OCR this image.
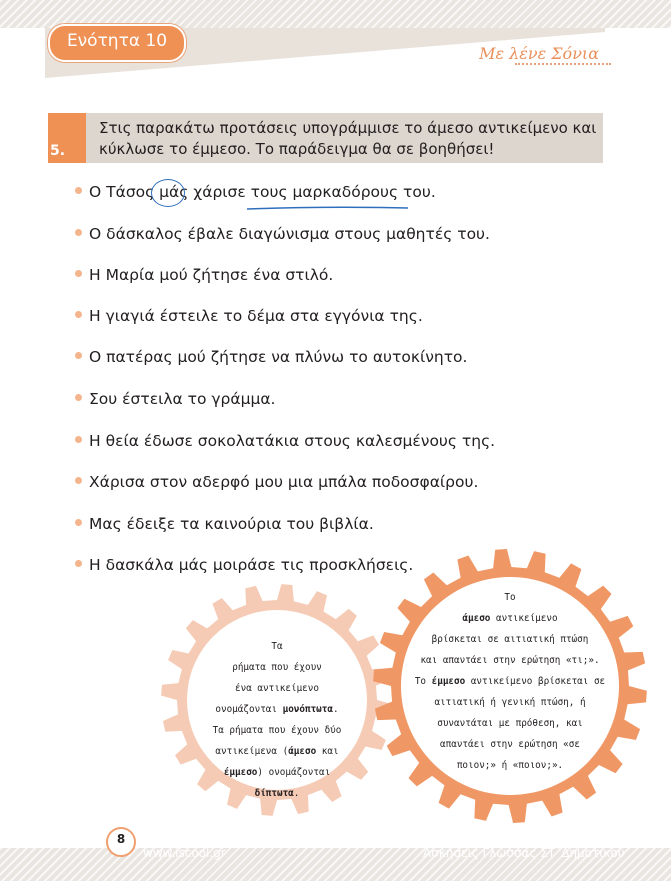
Ενότητα 10
Με λένε Σόνια
5.
Στις παρακάτω προτάσεις υπογράμμισε το άμεσο αντικείμενο και
κύκλωσε το έμμεσο. Το παράδειγμα θα σε βοηθήσει!
Ο Τάσος μάς χάρισε τους μαρκαδόρους του.
Ο δάσκαλος έβαλε διαγώνισμα στους μαθητές του.
Η Μαρία μού ζήτησε ένα στιλό.
Η γιαγιά έστειλε το δέμα στα εγγόνια της.
Ο πατέρας μού ζήτησε να πλύνω το αυτοκίνητο.
Σου έστειλα το γράμμα.
Η θεία έδωσε σοκολατάκια στους καλεσμένους της.
Χάρισα στον αδερφό μου μια μπάλα ποδοσφαίρου.
Μας έδειξε τα καινούρια του βιβλία.
Η δασκάλα μάς μοιράσε τις προσκλήσεις.
Τα
ρήματα που έχουν
ένα αντικείμενο
ονομάζονται μονόπτωτα.
Τα ρήματα που έχουν δύο
αντικείμενα (άμεσο και
έμμεσο) ονομάζονται
δίπτωτα.
Το
άμεσο αντικείμενο
βρίσκεται σε αιτιατική πτώση
και απαντάει στην ερώτηση «τι;».
Το έμμεσο αντικείμενο βρίσκεται σε
αιτιατική ή γενική πτώση, ή
συναντάται με πρόθεση, και
απαντάει στην ερώτηση «σε
ποιον;» ή «ποιον;».
8
www.iscool.gr	Ασκήσεις Γλώσσας ΣΤ΄Δημοτικού
